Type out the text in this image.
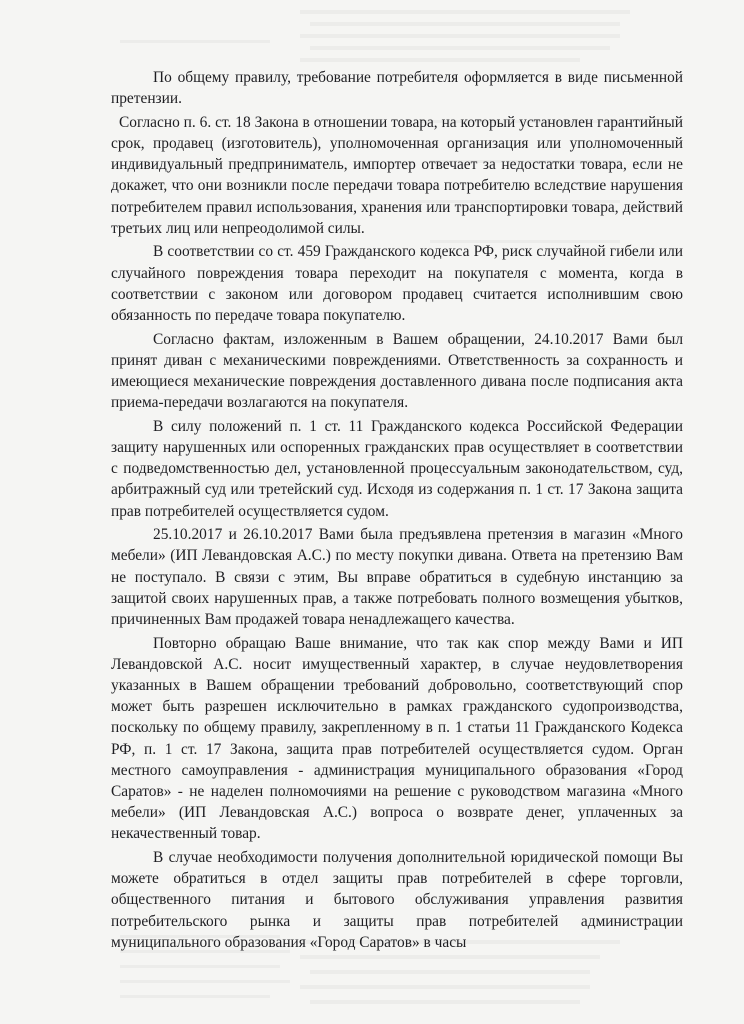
По общему правилу, требование потребителя оформляется в виде письменной претензии.

Согласно п. 6. ст. 18 Закона в отношении товара, на который установлен гарантийный срок, продавец (изготовитель), уполномоченная организация или уполномоченный индивидуальный предприниматель, импортер отвечает за недостатки товара, если не докажет, что они возникли после передачи товара потребителю вследствие нарушения потребителем правил использования, хранения или транспортировки товара, действий третьих лиц или непреодолимой силы.

В соответствии со ст. 459 Гражданского кодекса РФ, риск случайной гибели или случайного повреждения товара переходит на покупателя с момента, когда в соответствии с законом или договором продавец считается исполнившим свою обязанность по передаче товара покупателю.

Согласно фактам, изложенным в Вашем обращении, 24.10.2017 Вами был принят диван с механическими повреждениями. Ответственность за сохранность и имеющиеся механические повреждения доставленного дивана после подписания акта приема-передачи возлагаются на покупателя.

В силу положений п. 1 ст. 11 Гражданского кодекса Российской Федерации защиту нарушенных или оспоренных гражданских прав осуществляет в соответствии с подведомственностью дел, установленной процессуальным законодательством, суд, арбитражный суд или третейский суд. Исходя из содержания п. 1 ст. 17 Закона защита прав потребителей осуществляется судом.

25.10.2017 и 26.10.2017 Вами была предъявлена претензия в магазин «Много мебели» (ИП Левандовская А.С.) по месту покупки дивана. Ответа на претензию Вам не поступало. В связи с этим, Вы вправе обратиться в судебную инстанцию за защитой своих нарушенных прав, а также потребовать полного возмещения убытков, причиненных Вам продажей товара ненадлежащего качества.

Повторно обращаю Ваше внимание, что так как спор между Вами и ИП Левандовской А.С. носит имущественный характер, в случае неудовлетворения указанных в Вашем обращении требований добровольно, соответствующий спор может быть разрешен исключительно в рамках гражданского судопроизводства, поскольку по общему правилу, закрепленному в п. 1 статьи 11 Гражданского Кодекса РФ, п. 1 ст. 17 Закона, защита прав потребителей осуществляется судом. Орган местного самоуправления - администрация муниципального образования «Город Саратов» - не наделен полномочиями на решение с руководством магазина «Много мебели» (ИП Левандовская А.С.) вопроса о возврате денег, уплаченных за некачественный товар.

В случае необходимости получения дополнительной юридической помощи Вы можете обратиться в отдел защиты прав потребителей в сфере торговли, общественного питания и бытового обслуживания управления развития потребительского рынка и защиты прав потребителей администрации муниципального образования «Город Саратов» в часы
